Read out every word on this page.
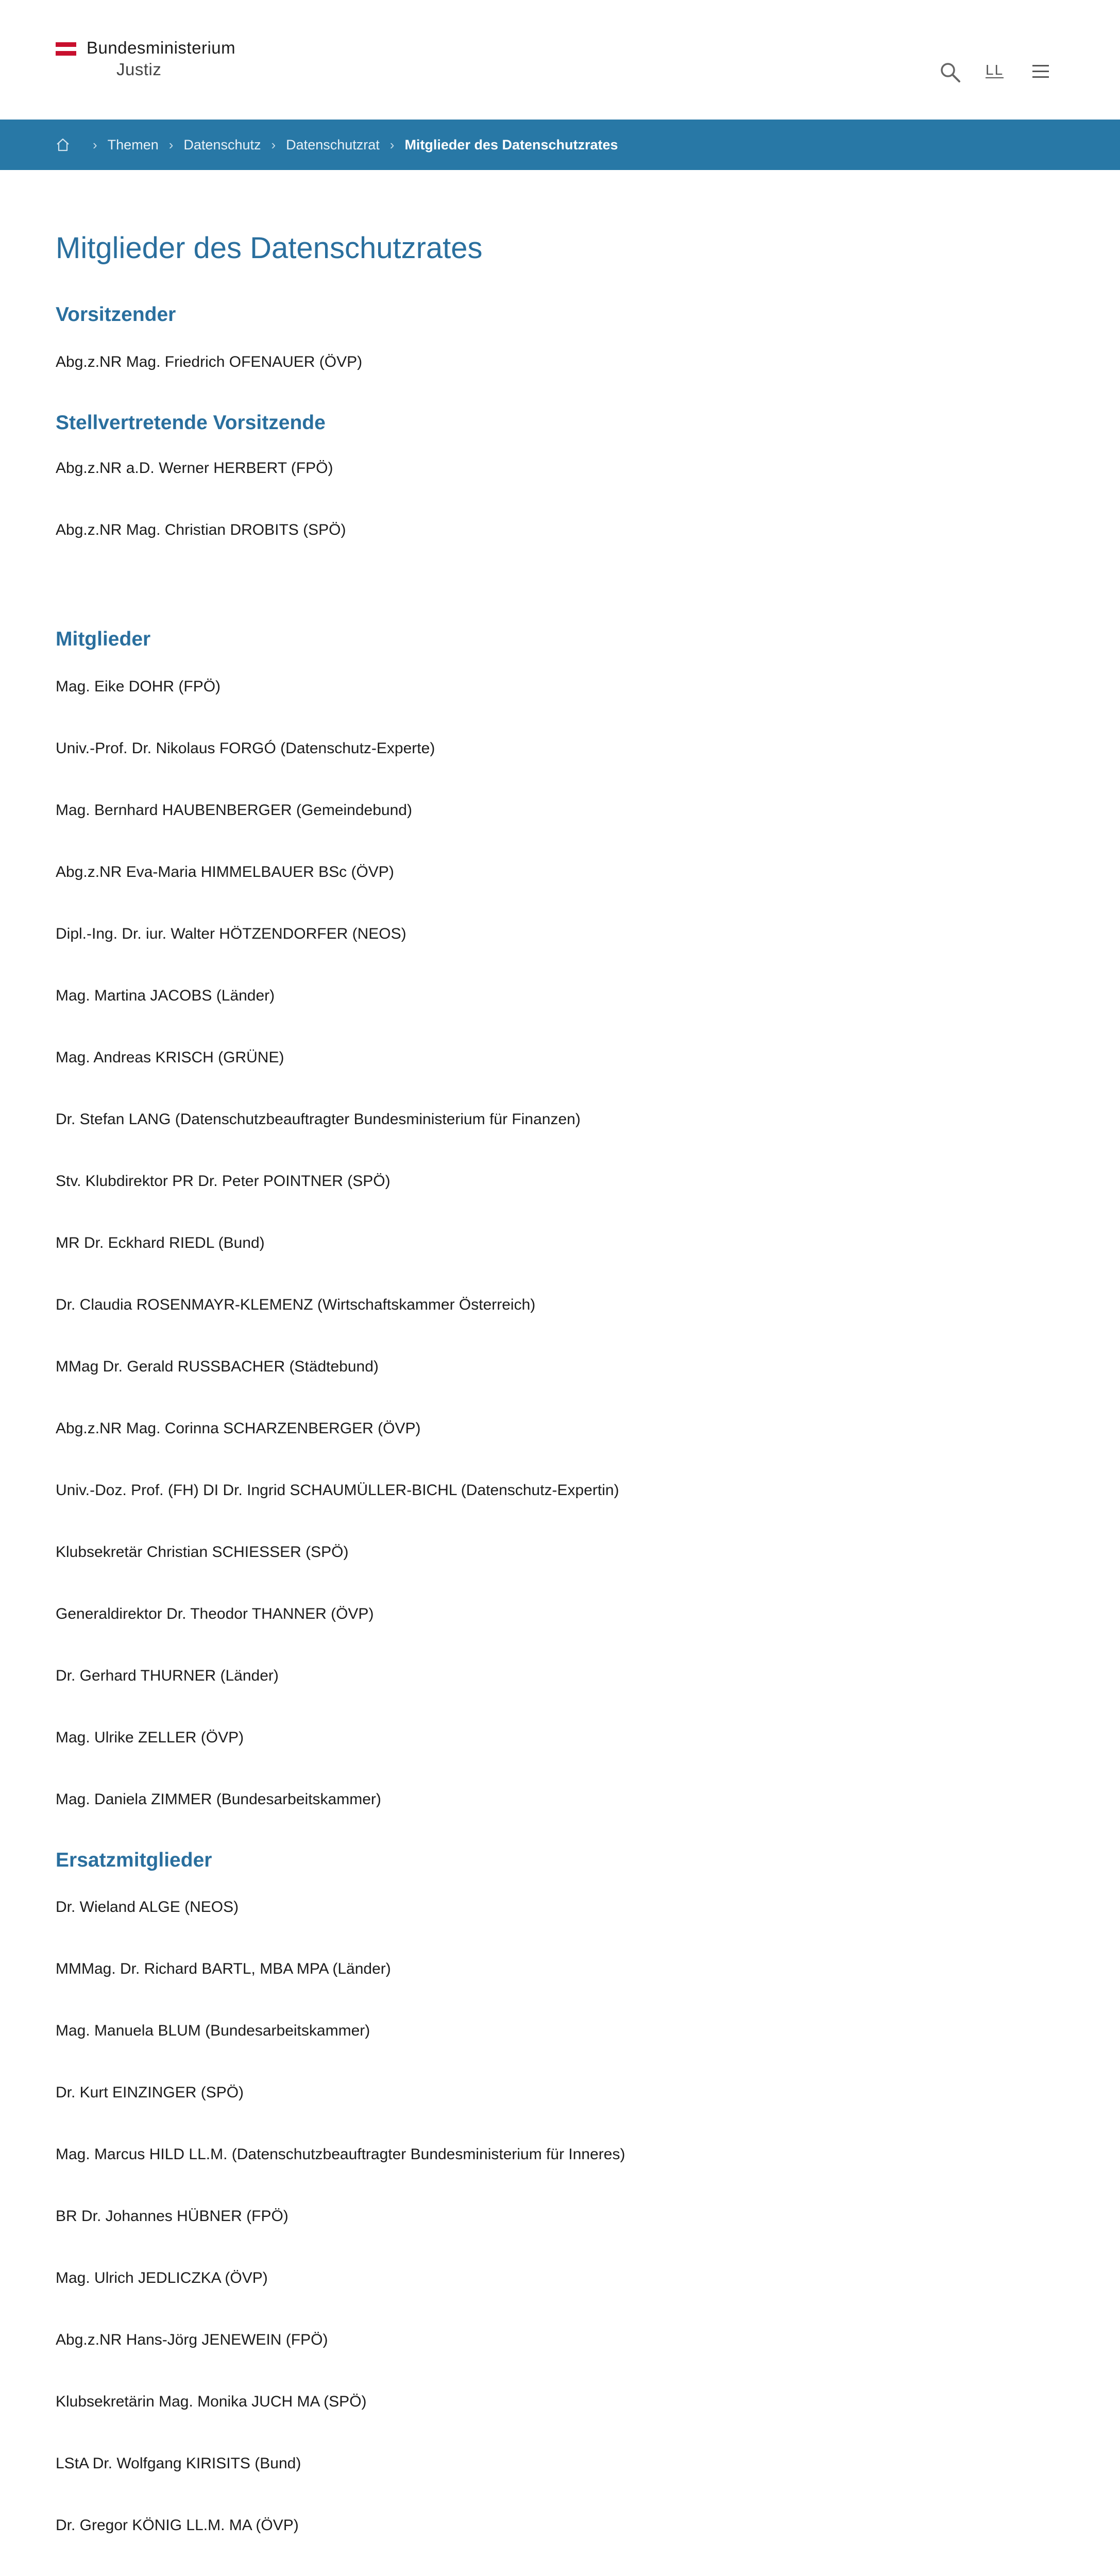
Bundesministerium
Justiz	LL
› Themen › Datenschutz › Datenschutzrat › Mitglieder des Datenschutzrates
Mitglieder des Datenschutzrates
Vorsitzender

Abg.z.NR Mag. Friedrich OFENAUER (ÖVP)

Stellvertretende Vorsitzende

Abg.z.NR a.D. Werner HERBERT (FPÖ)

Abg.z.NR Mag. Christian DROBITS (SPÖ)

Mitglieder

Mag. Eike DOHR (FPÖ)

Univ.-Prof. Dr. Nikolaus FORGÓ (Datenschutz-Experte)

Mag. Bernhard HAUBENBERGER (Gemeindebund)

Abg.z.NR Eva-Maria HIMMELBAUER BSc (ÖVP)

Dipl.-Ing. Dr. iur. Walter HÖTZENDORFER (NEOS)

Mag. Martina JACOBS (Länder)

Mag. Andreas KRISCH (GRÜNE)

Dr. Stefan LANG (Datenschutzbeauftragter Bundesministerium für Finanzen)

Stv. Klubdirektor PR Dr. Peter POINTNER (SPÖ)

MR Dr. Eckhard RIEDL (Bund)

Dr. Claudia ROSENMAYR-KLEMENZ (Wirtschaftskammer Österreich)

MMag Dr. Gerald RUSSBACHER (Städtebund)

Abg.z.NR Mag. Corinna SCHARZENBERGER (ÖVP)

Univ.-Doz. Prof. (FH) DI Dr. Ingrid SCHAUMÜLLER-BICHL (Datenschutz-Expertin)

Klubsekretär Christian SCHIESSER (SPÖ)

Generaldirektor Dr. Theodor THANNER (ÖVP)

Dr. Gerhard THURNER (Länder)

Mag. Ulrike ZELLER (ÖVP)

Mag. Daniela ZIMMER (Bundesarbeitskammer)

Ersatzmitglieder

Dr. Wieland ALGE (NEOS)

MMMag. Dr. Richard BARTL, MBA MPA (Länder)

Mag. Manuela BLUM (Bundesarbeitskammer)

Dr. Kurt EINZINGER (SPÖ)

Mag. Marcus HILD LL.M. (Datenschutzbeauftragter Bundesministerium für Inneres)

BR Dr. Johannes HÜBNER (FPÖ)

Mag. Ulrich JEDLICZKA (ÖVP)

Abg.z.NR Hans-Jörg JENEWEIN (FPÖ)

Klubsekretärin Mag. Monika JUCH MA (SPÖ)

LStA Dr. Wolfgang KIRISITS (Bund)

Dr. Gregor KÖNIG LL.M. MA (ÖVP)
